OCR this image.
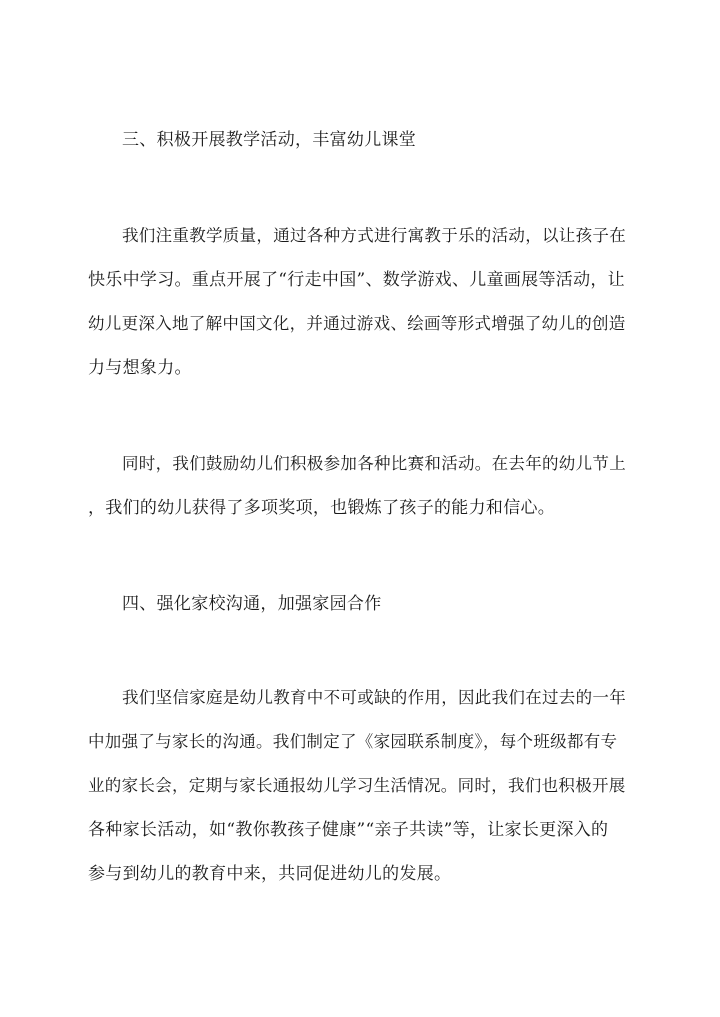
三、积极开展教学活动，丰富幼儿课堂
我们注重教学质量，通过各种方式进行寓教于乐的活动，以让孩子在
快乐中学习。重点开展了“行走中国”、数学游戏、儿童画展等活动，让
幼儿更深入地了解中国文化，并通过游戏、绘画等形式增强了幼儿的创造
力与想象力。
同时，我们鼓励幼儿们积极参加各种比赛和活动。在去年的幼儿节上
，我们的幼儿获得了多项奖项，也锻炼了孩子的能力和信心。
四、强化家校沟通，加强家园合作
我们坚信家庭是幼儿教育中不可或缺的作用，因此我们在过去的一年
中加强了与家长的沟通。我们制定了《家园联系制度》，每个班级都有专
业的家长会，定期与家长通报幼儿学习生活情况。同时，我们也积极开展
各种家长活动，如“教你教孩子健康”“亲子共读”等，让家长更深入的
参与到幼儿的教育中来，共同促进幼儿的发展。
